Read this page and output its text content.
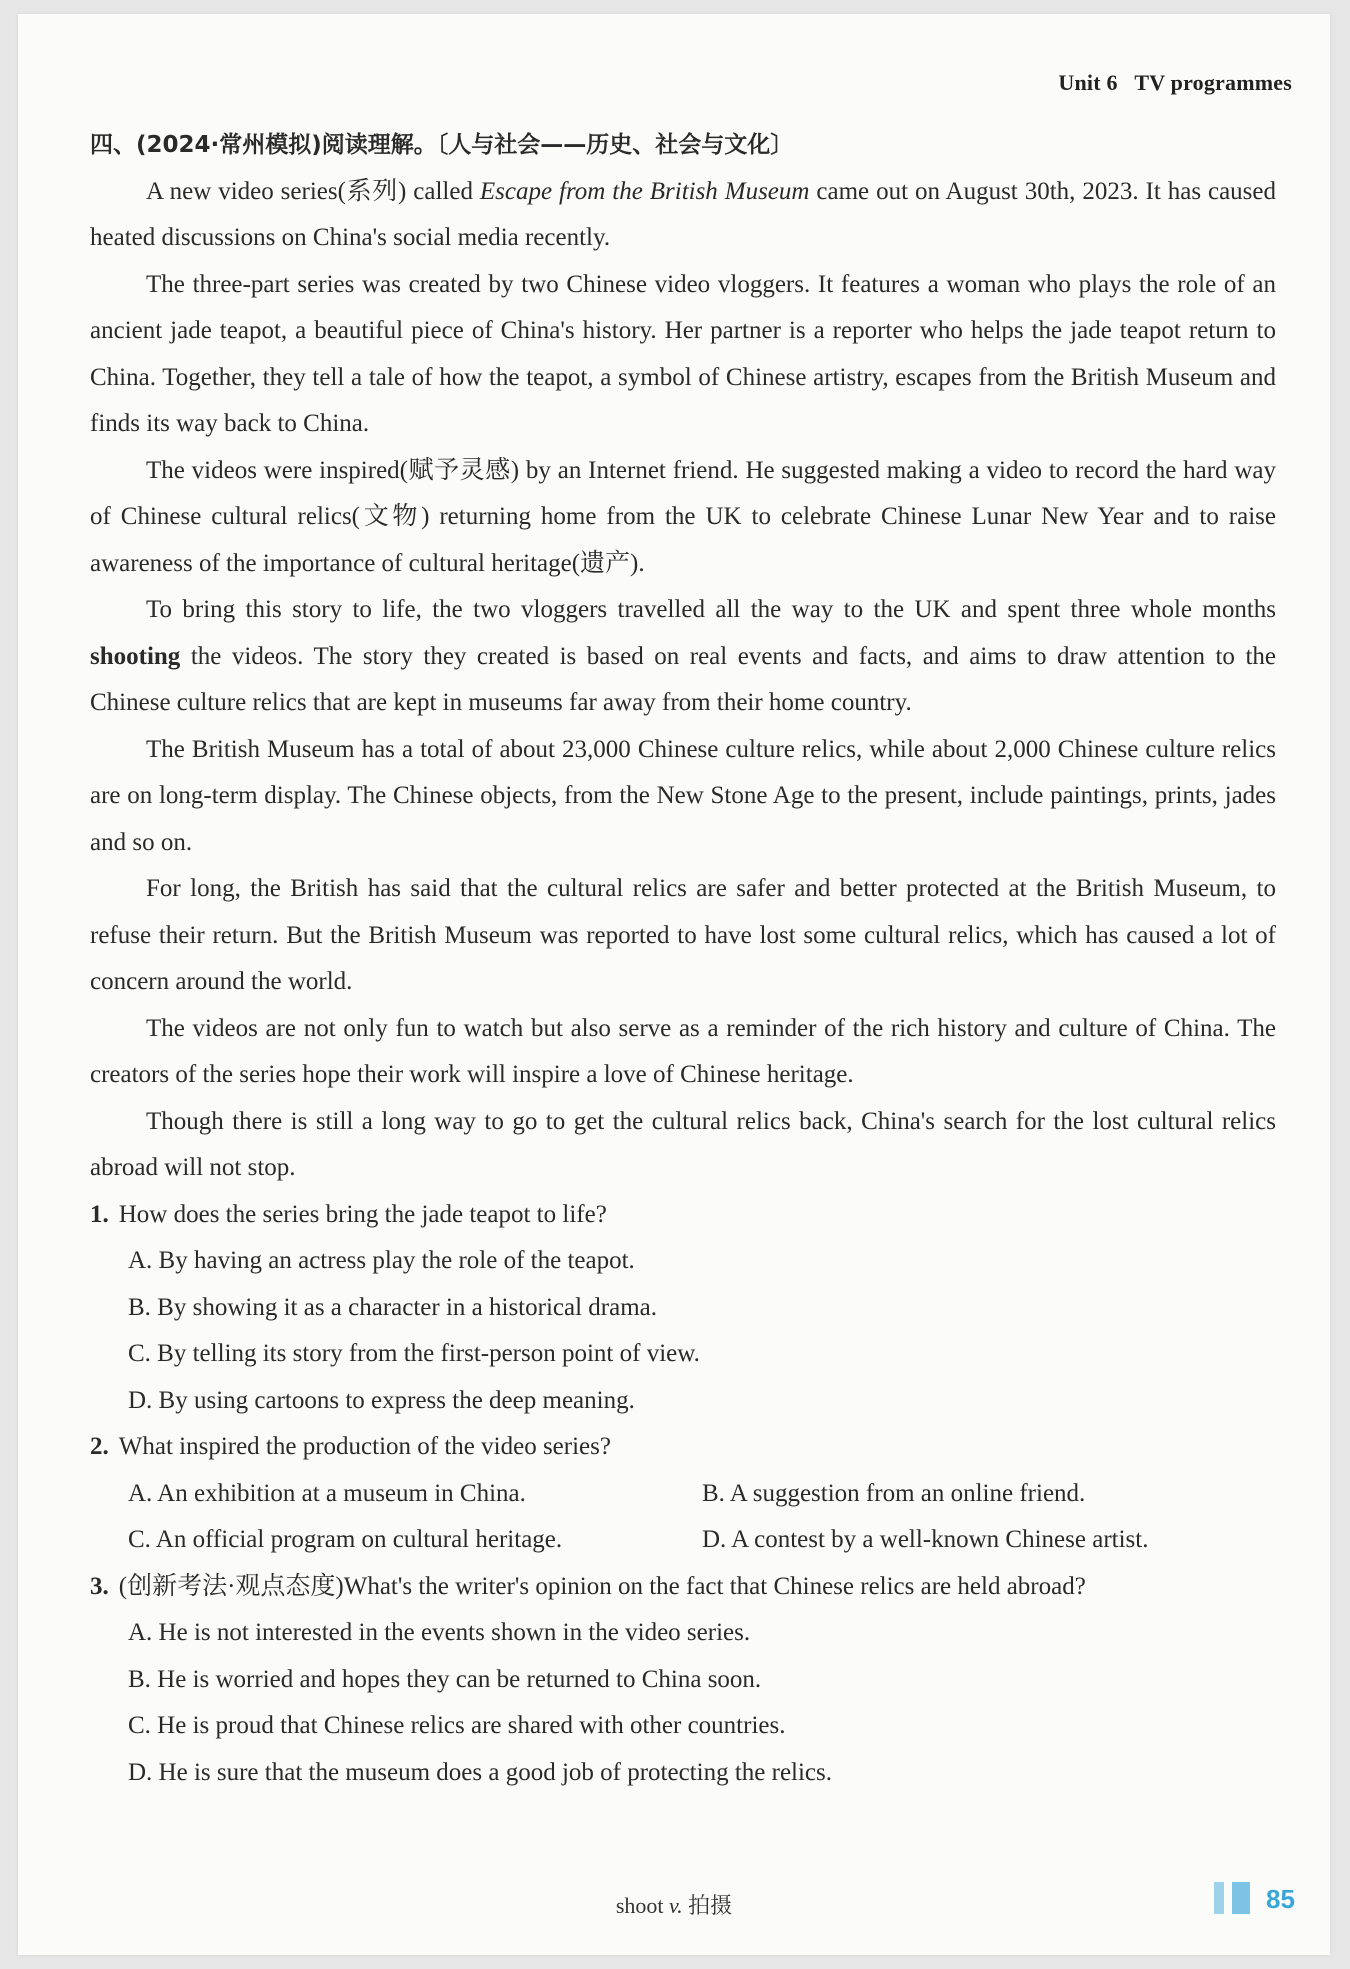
Unit 6 TV programmes
四、(2024·常州模拟)阅读理解。〔人与社会——历史、社会与文化〕

A new video series(系列) called Escape from the British Museum came out on August 30th, 2023. It has caused heated discussions on China's social media recently.

The three-part series was created by two Chinese video vloggers. It features a woman who plays the role of an ancient jade teapot, a beautiful piece of China's history. Her partner is a reporter who helps the jade teapot return to China. Together, they tell a tale of how the teapot, a symbol of Chinese artistry, escapes from the British Museum and finds its way back to China.

The videos were inspired(赋予灵感) by an Internet friend. He suggested making a video to record the hard way of Chinese cultural relics(文物) returning home from the UK to celebrate Chinese Lunar New Year and to raise awareness of the importance of cultural heritage(遗产).

To bring this story to life, the two vloggers travelled all the way to the UK and spent three whole months shooting the videos. The story they created is based on real events and facts, and aims to draw attention to the Chinese culture relics that are kept in museums far away from their home country.

The British Museum has a total of about 23,000 Chinese culture relics, while about 2,000 Chinese culture relics are on long-term display. The Chinese objects, from the New Stone Age to the present, include paintings, prints, jades and so on.

For long, the British has said that the cultural relics are safer and better protected at the British Museum, to refuse their return. But the British Museum was reported to have lost some cultural relics, which has caused a lot of concern around the world.

The videos are not only fun to watch but also serve as a reminder of the rich history and culture of China. The creators of the series hope their work will inspire a love of Chinese heritage.

Though there is still a long way to go to get the cultural relics back, China's search for the lost cultural relics abroad will not stop.

1. How does the series bring the jade teapot to life?

A. By having an actress play the role of the teapot.

B. By showing it as a character in a historical drama.

C. By telling its story from the first-person point of view.

D. By using cartoons to express the deep meaning.

2. What inspired the production of the video series?

A. An exhibition at a museum in China.	B. A suggestion from an online friend.

C. An official program on cultural heritage.	D. A contest by a well-known Chinese artist.

3. (创新考法·观点态度)What's the writer's opinion on the fact that Chinese relics are held abroad?

A. He is not interested in the events shown in the video series.

B. He is worried and hopes they can be returned to China soon.

C. He is proud that Chinese relics are shared with other countries.

D. He is sure that the museum does a good job of protecting the relics.

shoot v. 拍摄	85
